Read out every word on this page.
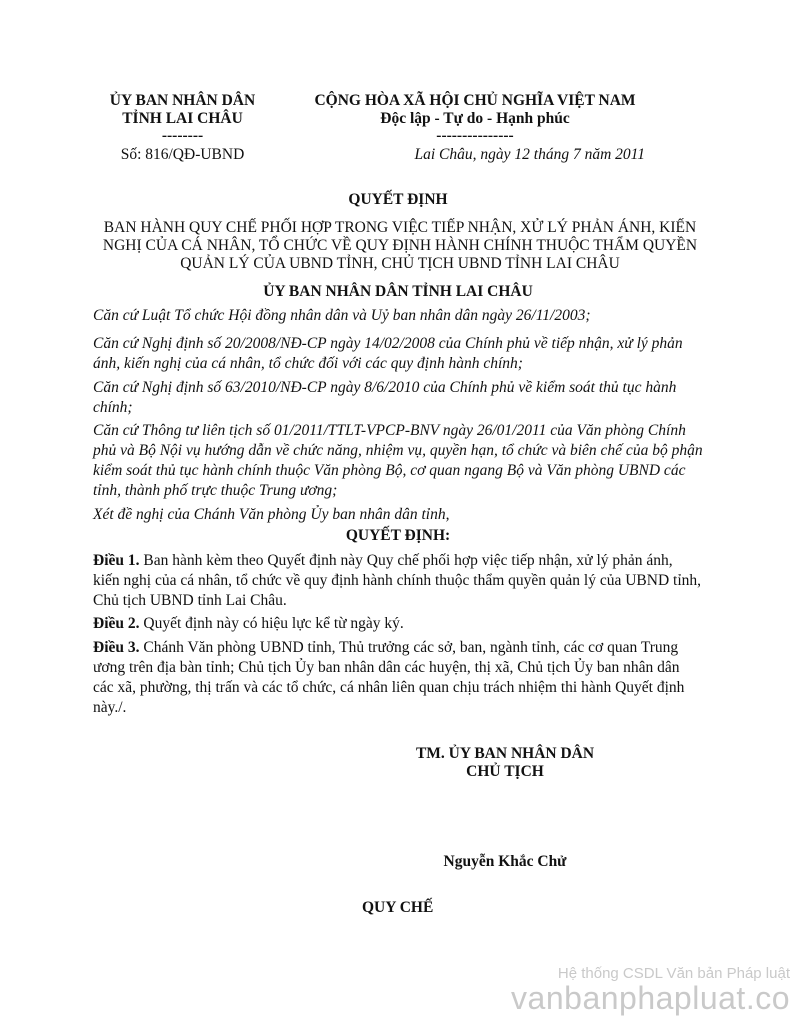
ỦY BAN NHÂN DÂN
TỈNH LAI CHÂU
--------
Số: 816/QĐ-UBND
CỘNG HÒA XÃ HỘI CHỦ NGHĨA VIỆT NAM
Độc lập - Tự do - Hạnh phúc
---------------
Lai Châu, ngày 12 tháng 7 năm 2011
QUYẾT ĐỊNH
BAN HÀNH QUY CHẾ PHỐI HỢP TRONG VIỆC TIẾP NHẬN, XỬ LÝ PHẢN ÁNH, KIẾN NGHỊ CỦA CÁ NHÂN, TỔ CHỨC VỀ QUY ĐỊNH HÀNH CHÍNH THUỘC THẨM QUYỀN QUẢN LÝ CỦA UBND TỈNH, CHỦ TỊCH UBND TỈNH LAI CHÂU
ỦY BAN NHÂN DÂN TỈNH LAI CHÂU
Căn cứ Luật Tổ chức Hội đồng nhân dân và Uỷ ban nhân dân ngày 26/11/2003;
Căn cứ Nghị định số 20/2008/NĐ-CP ngày 14/02/2008 của Chính phủ về tiếp nhận, xử lý phản ánh, kiến nghị của cá nhân, tổ chức đối với các quy định hành chính;
Căn cứ Nghị định số 63/2010/NĐ-CP ngày 8/6/2010 của Chính phủ về kiểm soát thủ tục hành chính;
Căn cứ Thông tư liên tịch số 01/2011/TTLT-VPCP-BNV ngày 26/01/2011 của Văn phòng Chính phủ và Bộ Nội vụ hướng dẫn về chức năng, nhiệm vụ, quyền hạn, tổ chức và biên chế của bộ phận kiểm soát thủ tục hành chính thuộc Văn phòng Bộ, cơ quan ngang Bộ và Văn phòng UBND các tỉnh, thành phố trực thuộc Trung ương;
Xét đề nghị của Chánh Văn phòng Ủy ban nhân dân tỉnh,
QUYẾT ĐỊNH:
Điều 1. Ban hành kèm theo Quyết định này Quy chế phối hợp việc tiếp nhận, xử lý phản ánh, kiến nghị của cá nhân, tổ chức về quy định hành chính thuộc thẩm quyền quản lý của UBND tỉnh, Chủ tịch UBND tỉnh Lai Châu.
Điều 2. Quyết định này có hiệu lực kể từ ngày ký.
Điều 3. Chánh Văn phòng UBND tỉnh, Thủ trưởng các sở, ban, ngành tỉnh, các cơ quan Trung ương trên địa bàn tỉnh; Chủ tịch Ủy ban nhân dân các huyện, thị xã, Chủ tịch Ủy ban nhân dân các xã, phường, thị trấn và các tổ chức, cá nhân liên quan chịu trách nhiệm thi hành Quyết định này./.
TM. ỦY BAN NHÂN DÂN
CHỦ TỊCH
Nguyễn Khắc Chử
QUY CHẾ
Hệ thống CSDL Văn bản Pháp luật
vanbanphapluat.co
